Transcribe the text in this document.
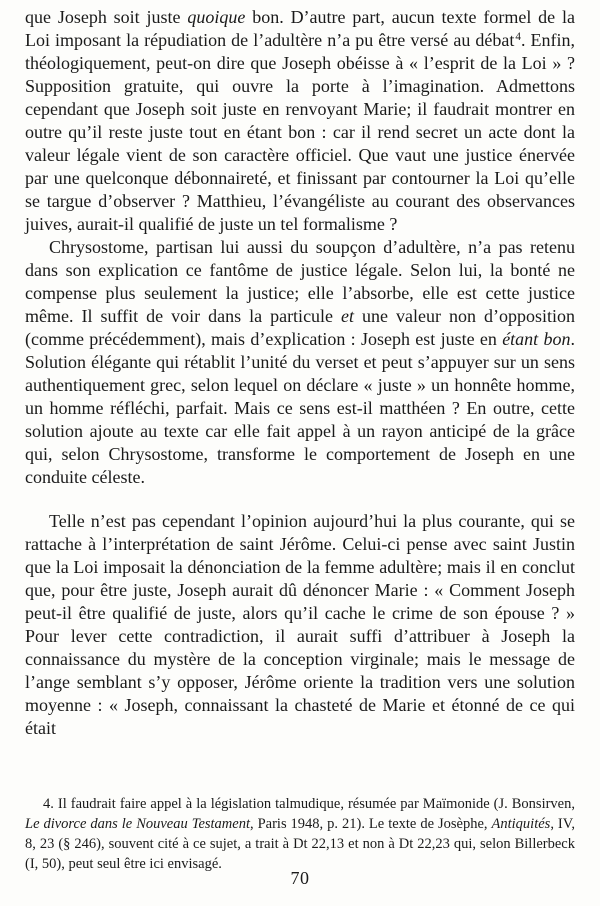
que Joseph soit juste quoique bon. D’autre part, aucun texte formel de la Loi imposant la répudiation de l’adultère n’a pu être versé au débat$^4$. Enfin, théologiquement, peut-on dire que Joseph obéisse à « l’esprit de la Loi » ? Supposition gratuite, qui ouvre la porte à l’imagination. Admettons cependant que Joseph soit juste en renvoyant Marie; il faudrait montrer en outre qu’il reste juste tout en étant bon : car il rend secret un acte dont la valeur légale vient de son caractère officiel. Que vaut une justice énervée par une quelconque débonnaireté, et finissant par contourner la Loi qu’elle se targue d’observer ? Matthieu, l’évangéliste au courant des observances juives, aurait-il qualifié de juste un tel formalisme ?

Chrysostome, partisan lui aussi du soupçon d’adultère, n’a pas retenu dans son explication ce fantôme de justice légale. Selon lui, la bonté ne compense plus seulement la justice; elle l’absorbe, elle est cette justice même. Il suffit de voir dans la particule et une valeur non d’opposition (comme précédemment), mais d’explication : Joseph est juste en étant bon. Solution élégante qui rétablit l’unité du verset et peut s’appuyer sur un sens authentiquement grec, selon lequel on déclare « juste » un honnête homme, un homme réfléchi, parfait. Mais ce sens est-il matthéen ? En outre, cette solution ajoute au texte car elle fait appel à un rayon anticipé de la grâce qui, selon Chrysostome, transforme le comportement de Joseph en une conduite céleste.

Telle n’est pas cependant l’opinion aujourd’hui la plus courante, qui se rattache à l’interprétation de saint Jérôme. Celui-ci pense avec saint Justin que la Loi imposait la dénonciation de la femme adultère; mais il en conclut que, pour être juste, Joseph aurait dû dénoncer Marie : « Comment Joseph peut-il être qualifié de juste, alors qu’il cache le crime de son épouse ? » Pour lever cette contradiction, il aurait suffi d’attribuer à Joseph la connaissance du mystère de la conception virginale; mais le message de l’ange semblant s’y opposer, Jérôme oriente la tradition vers une solution moyenne : « Joseph, connaissant la chasteté de Marie et étonné de ce qui était

4. Il faudrait faire appel à la législation talmudique, résumée par Maïmonide (J. Bonsirven, Le divorce dans le Nouveau Testament, Paris 1948, p. 21). Le texte de Josèphe, Antiquités, IV, 8, 23 (§ 246), souvent cité à ce sujet, a trait à Dt 22,13 et non à Dt 22,23 qui, selon Billerbeck (I, 50), peut seul être ici envisagé.
70
